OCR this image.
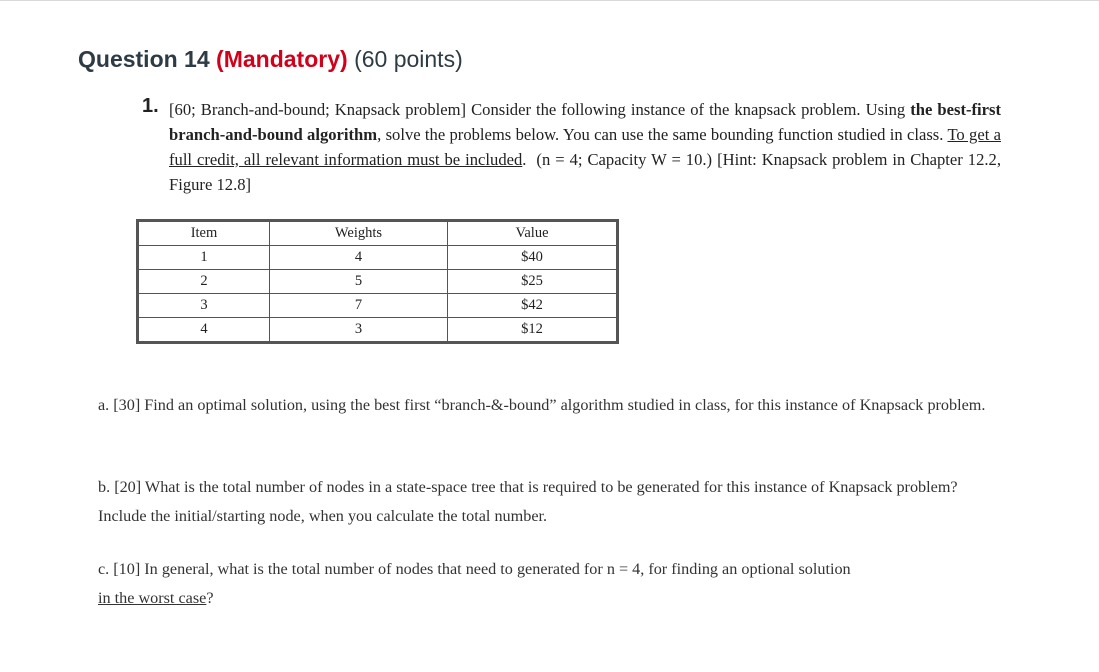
Question 14 (Mandatory) (60 points)
1. [60; Branch-and-bound; Knapsack problem] Consider the following instance of the knapsack problem. Using the best-first branch-and-bound algorithm, solve the problems below. You can use the same bounding function studied in class. To get a full credit, all relevant information must be included. (n = 4; Capacity W = 10.) [Hint: Knapsack problem in Chapter 12.2, Figure 12.8]
Item	Weights	Value
1	4	$40
2	5	$25
3	7	$42
4	3	$12
a. [30] Find an optimal solution, using the best first “branch-&-bound” algorithm studied in class, for this instance of Knapsack problem.
b. [20] What is the total number of nodes in a state-space tree that is required to be generated for this instance of Knapsack problem? Include the initial/starting node, when you calculate the total number.
c. [10] In general, what is the total number of nodes that need to generated for n = 4, for finding an optional solution
in the worst case?
